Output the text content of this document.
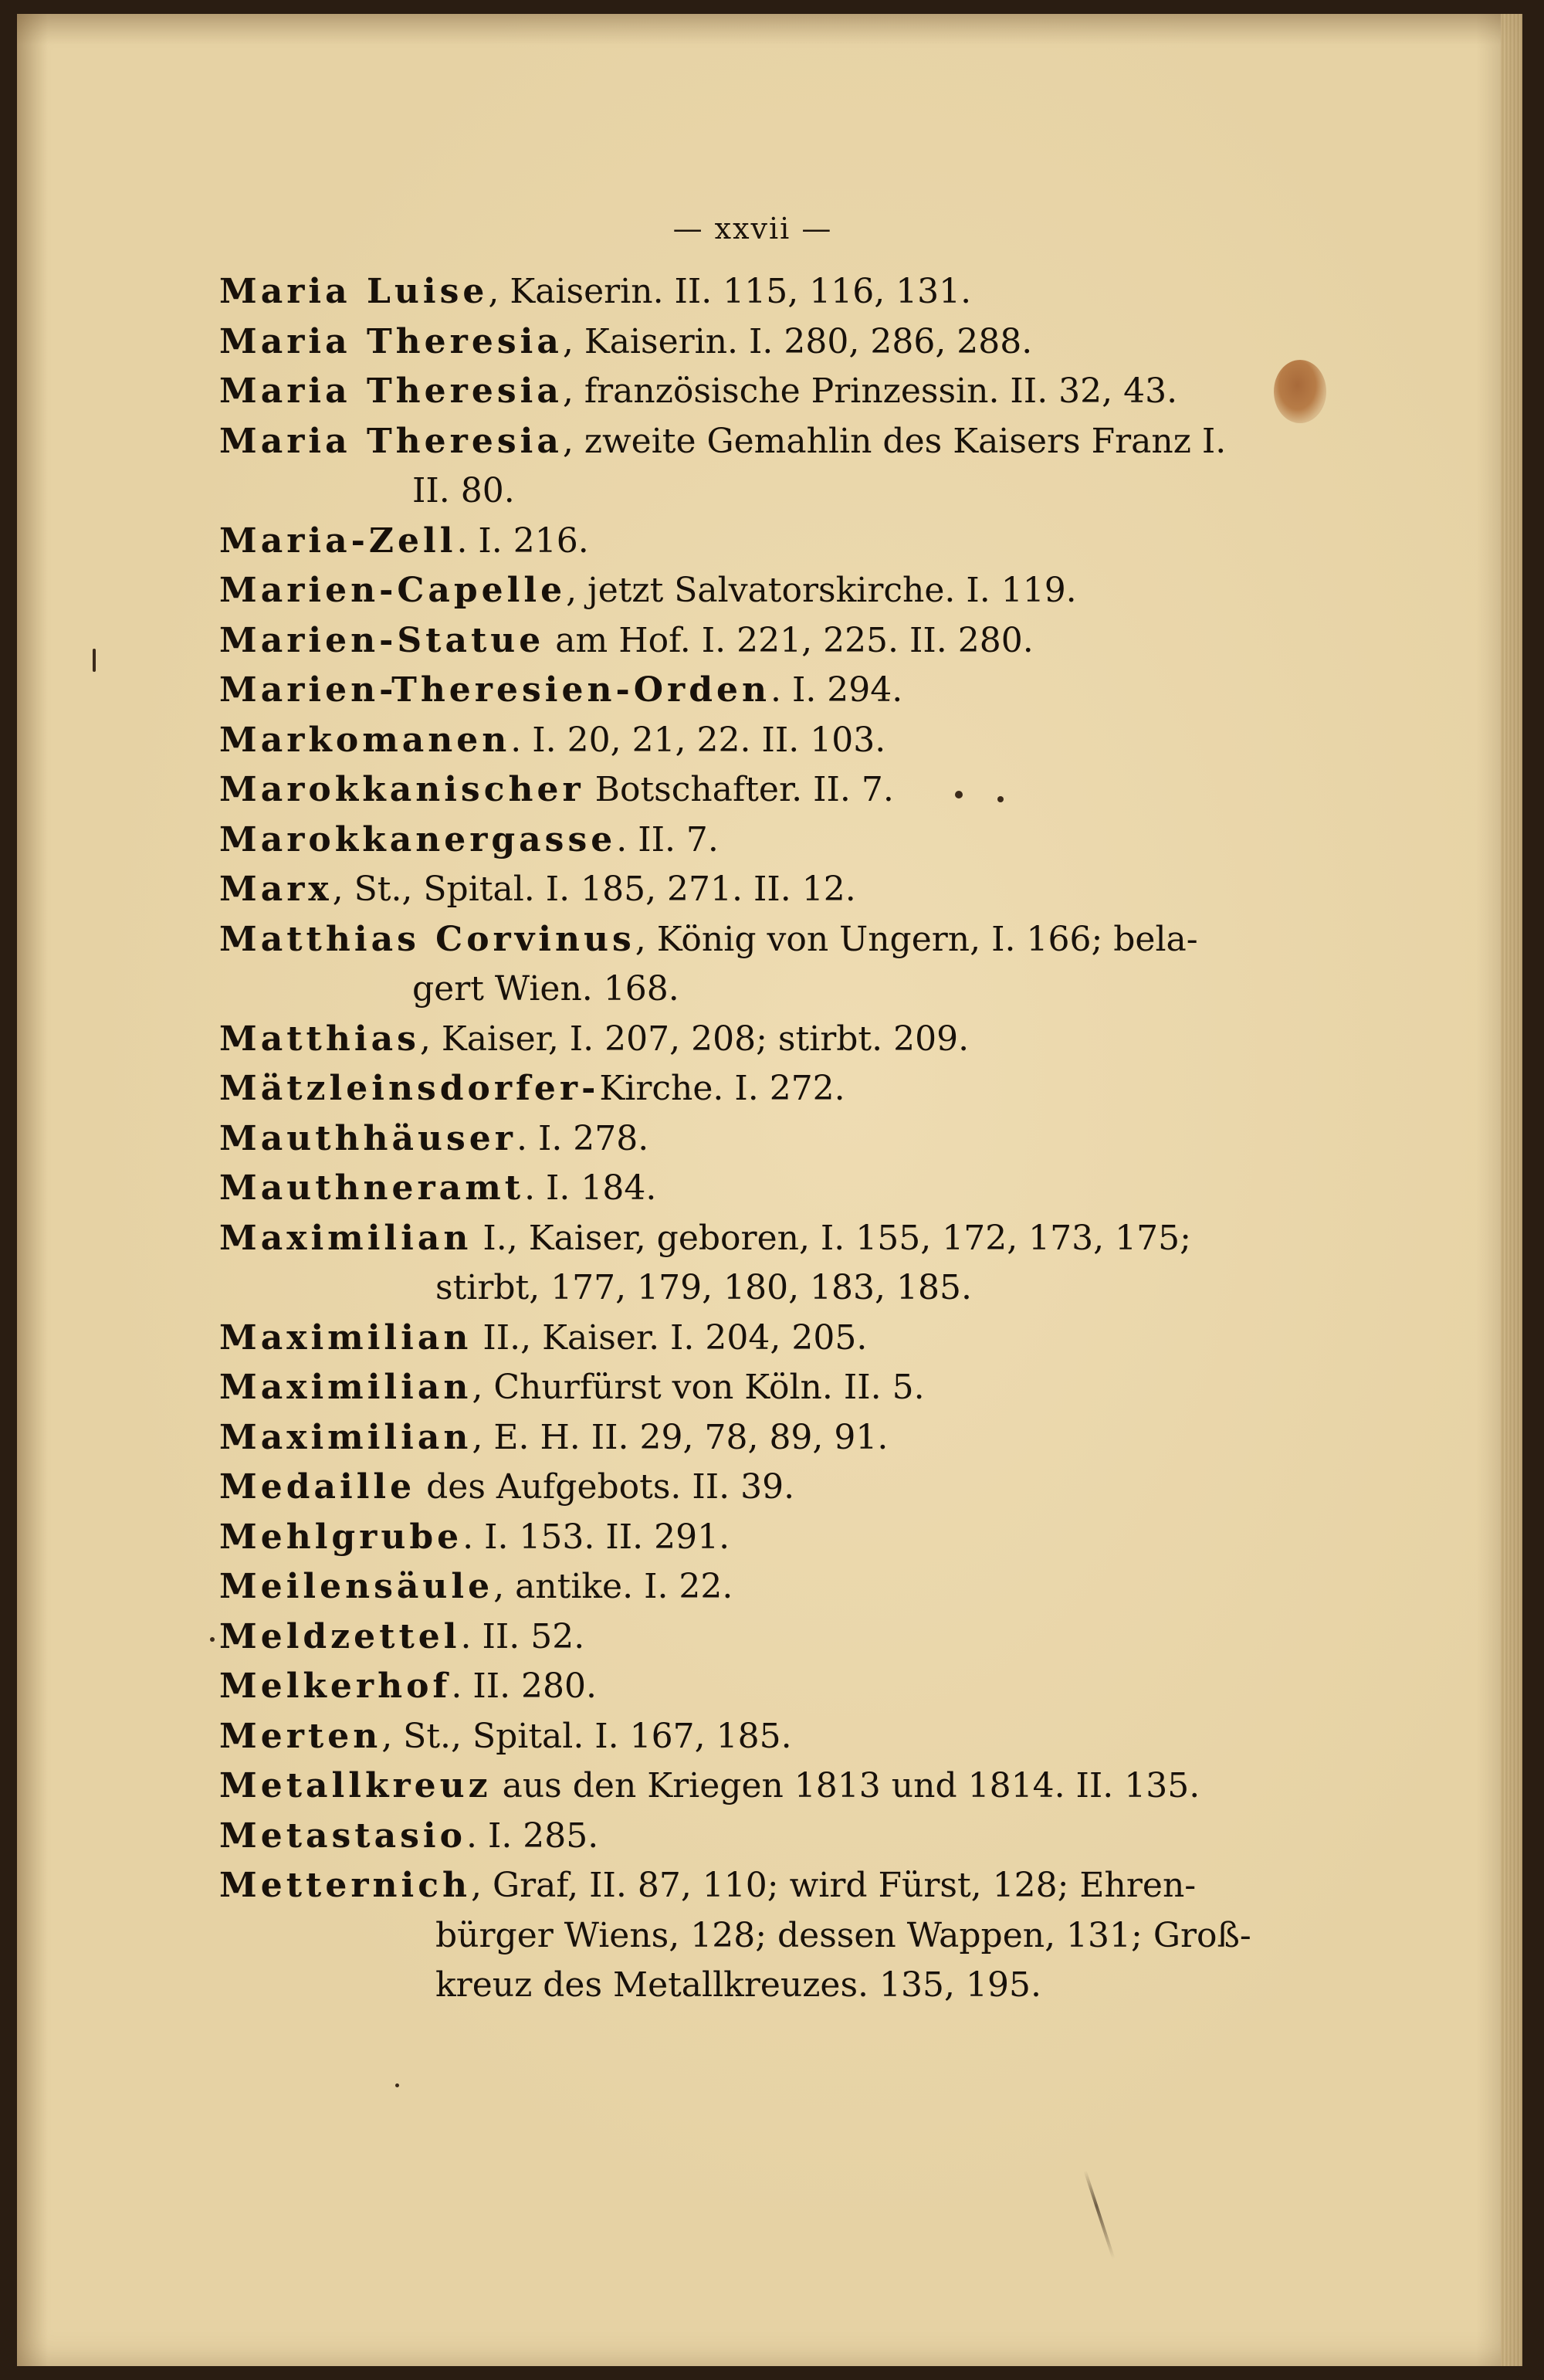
— xxvii —
Maria Luise, Kaiserin. II. 115, 116, 131.
Maria Theresia, Kaiserin. I. 280, 286, 288.
Maria Theresia, französische Prinzessin. II. 32, 43.
Maria Theresia, zweite Gemahlin des Kaisers Franz I.
II. 80.
Maria-Zell. I. 216.
Marien-Capelle, jetzt Salvatorskirche. I. 119.
Marien-Statue am Hof. I. 221, 225. II. 280.
Marien-Theresien-Orden. I. 294.
Markomanen. I. 20, 21, 22. II. 103.
Marokkanischer Botschafter. II. 7.
Marokkanergasse. II. 7.
Marx, St., Spital. I. 185, 271. II. 12.
Matthias Corvinus, König von Ungern, I. 166; bela-
gert Wien. 168.
Matthias, Kaiser, I. 207, 208; stirbt. 209.
Mätzleinsdorfer-Kirche. I. 272.
Mauthhäuser. I. 278.
Mauthneramt. I. 184.
Maximilian I., Kaiser, geboren, I. 155, 172, 173, 175;
stirbt, 177, 179, 180, 183, 185.
Maximilian II., Kaiser. I. 204, 205.
Maximilian, Churfürst von Köln. II. 5.
Maximilian, E. H. II. 29, 78, 89, 91.
Medaille des Aufgebots. II. 39.
Mehlgrube. I. 153. II. 291.
Meilensäule, antike. I. 22.
Meldzettel. II. 52.
Melkerhof. II. 280.
Merten, St., Spital. I. 167, 185.
Metallkreuz aus den Kriegen 1813 und 1814. II. 135.
Metastasio. I. 285.
Metternich, Graf, II. 87, 110; wird Fürst, 128; Ehren-
bürger Wiens, 128; dessen Wappen, 131; Groß-
kreuz des Metallkreuzes. 135, 195.
